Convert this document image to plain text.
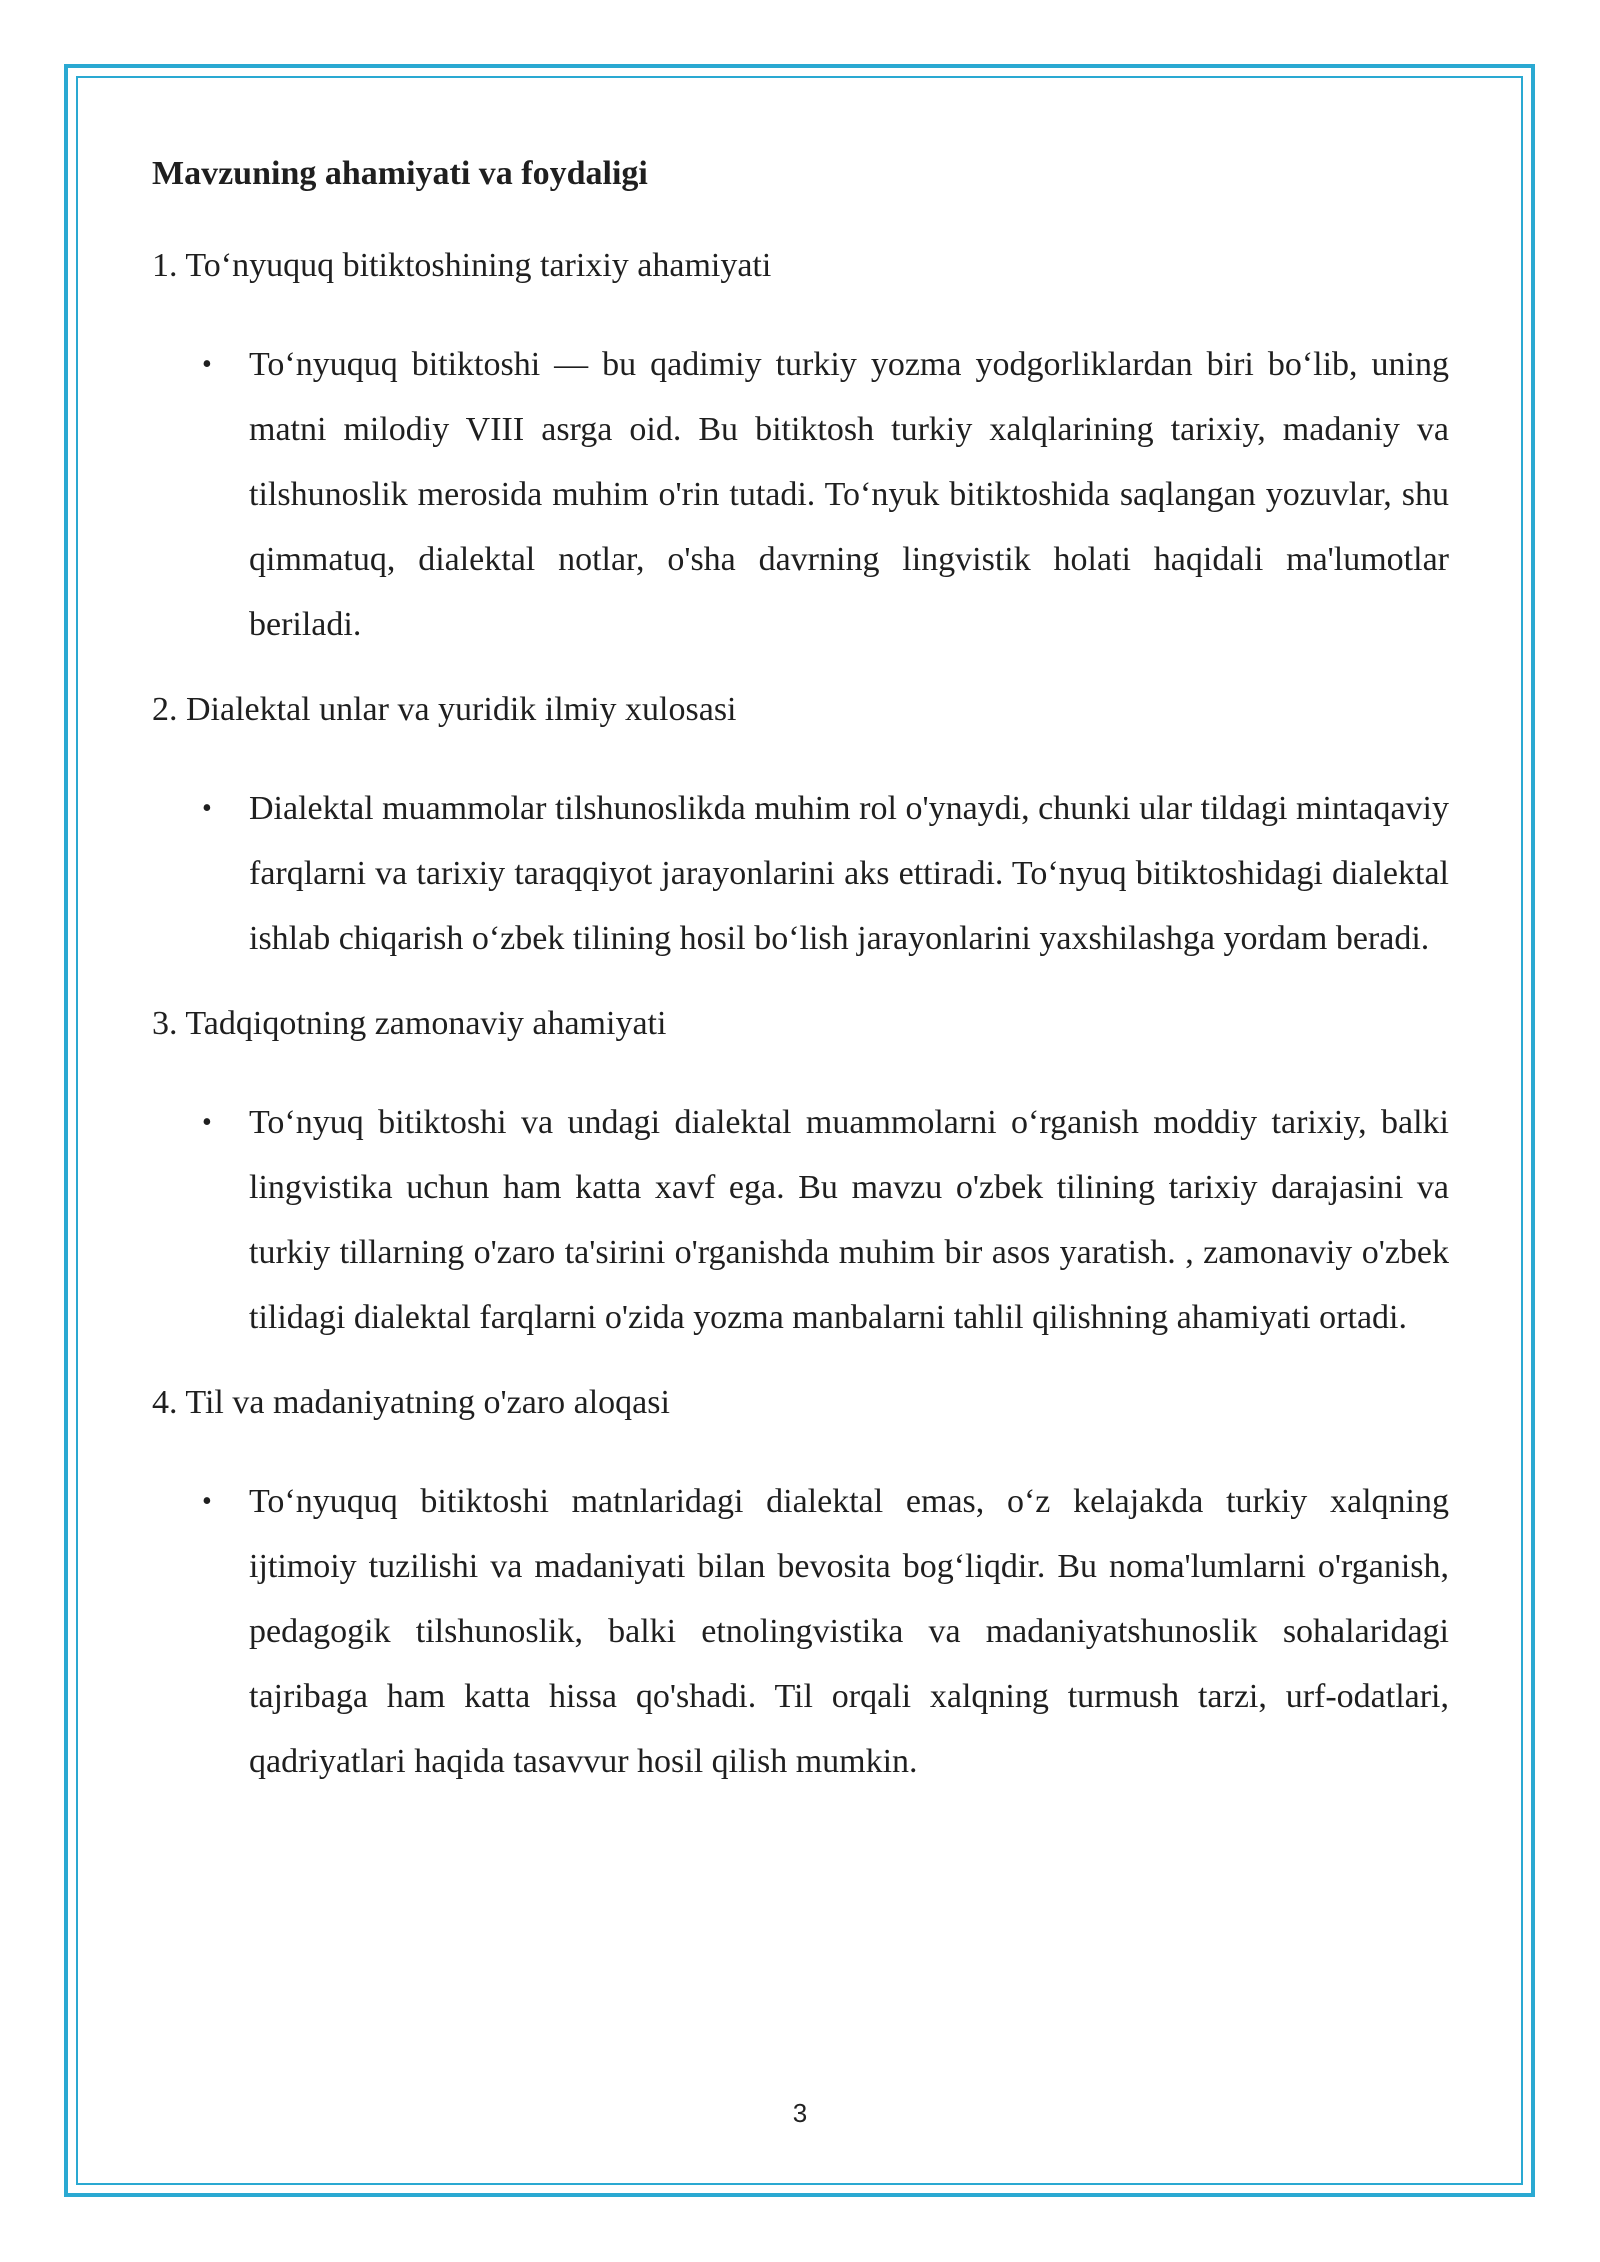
Mavzuning ahamiyati va foydaligi
1. To‘nyuquq bitiktoshining tarixiy ahamiyati
• To‘nyuquq bitiktoshi — bu qadimiy turkiy yozma yodgorliklardan biri bo‘lib, uning matni milodiy VIII asrga oid. Bu bitiktosh turkiy xalqlarining tarixiy, madaniy va tilshunoslik merosida muhim o'rin tutadi. To‘nyuk bitiktoshida saqlangan yozuvlar, shu qimmatuq, dialektal notlar, o'sha davrning lingvistik holati haqidali ma'lumotlar beriladi.
2. Dialektal unlar va yuridik ilmiy xulosasi
• Dialektal muammolar tilshunoslikda muhim rol o'ynaydi, chunki ular tildagi mintaqaviy farqlarni va tarixiy taraqqiyot jarayonlarini aks ettiradi. To‘nyuq bitiktoshidagi dialektal ishlab chiqarish o‘zbek tilining hosil bo‘lish jarayonlarini yaxshilashga yordam beradi.
3. Tadqiqotning zamonaviy ahamiyati
• To‘nyuq bitiktoshi va undagi dialektal muammolarni o‘rganish moddiy tarixiy, balki lingvistika uchun ham katta xavf ega. Bu mavzu o'zbek tilining tarixiy darajasini va turkiy tillarning o'zaro ta'sirini o'rganishda muhim bir asos yaratish. , zamonaviy o'zbek tilidagi dialektal farqlarni o'zida yozma manbalarni tahlil qilishning ahamiyati ortadi.
4. Til va madaniyatning o'zaro aloqasi
• To‘nyuquq bitiktoshi matnlaridagi dialektal emas, o‘z kelajakda turkiy xalqning ijtimoiy tuzilishi va madaniyati bilan bevosita bog‘liqdir. Bu noma'lumlarni o'rganish, pedagogik tilshunoslik, balki etnolingvistika va madaniyatshunoslik sohalaridagi tajribaga ham katta hissa qo'shadi. Til orqali xalqning turmush tarzi, urf-odatlari, qadriyatlari haqida tasavvur hosil qilish mumkin.
3
